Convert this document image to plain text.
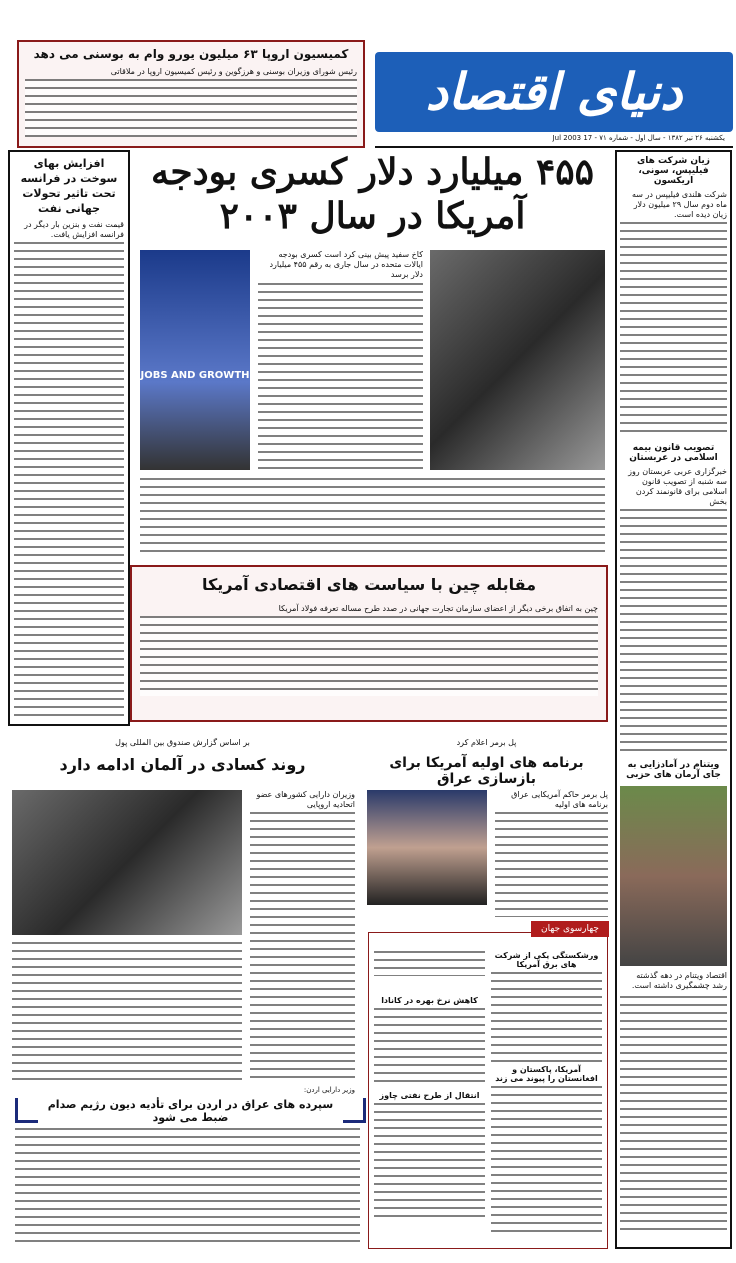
دنیای اقتصاد
یکشنبه ۲۶ تیر ۱۳۸۲ - سال اول - شماره ۷۱ - 17 Jul 2003
کمیسیون اروپا ۶۳ میلیون یورو وام به بوسنی می دهد
رئیس شورای وزیران بوسنی و هرزگوین و رئیس کمیسیون اروپا در ملاقاتی
افزایش بهای سوخت در فرانسه تحت تاثیر تحولات جهانی نفت
قیمت نفت و بنزین بار دیگر در فرانسه افزایش یافت.
۴۵۵ میلیارد دلار کسری بودجه آمریکا در سال ۲۰۰۳
JOBS AND GROWTH
کاخ سفید پیش بینی کرد است کسری بودجه ایالات متحده در سال جاری به رقم ۴۵۵ میلیارد دلار برسد
مقابله چین با سیاست های اقتصادی آمریکا
چین به اتفاق برخی دیگر از اعضای سازمان تجارت جهانی در صدد طرح مساله تعرفه فولاد آمریکا
زیان شرکت های فیلیپس، سونی، اریکسون
شرکت هلندی فیلیپس در سه ماه دوم سال ۲۹ میلیون دلار زیان دیده است.
تصویب قانون بیمه اسلامی در عربستان
خبرگزاری عربی عربستان روز سه شنبه از تصویب قانون اسلامی برای قانونمند کردن بخش
ویتنام در آمادزایی به جای آرمان های حزبی
اقتصاد ویتنام در دهه گذشته رشد چشمگیری داشته است.
بر اساس گزارش صندوق بین المللی پول
روند کسادی در آلمان ادامه دارد
وزیران دارایی کشورهای عضو اتحادیه اروپایی
پل برمر اعلام کرد
برنامه های اولیه آمریکا برای بازسازی عراق
پل برمر حاکم آمریکایی عراق برنامه های اولیه
چهارسوی جهان
ورشکستگی یکی از شرکت های برق آمریکا
آمریکا، پاکستان و افغانستان را پیوند می زند
کاهش نرخ بهره در کانادا
انتقال از طرح نفتی چاوز
وزیر دارایی اردن:
سپرده های عراق در اردن برای تأدیه دیون رژیم صدام ضبط می شود
